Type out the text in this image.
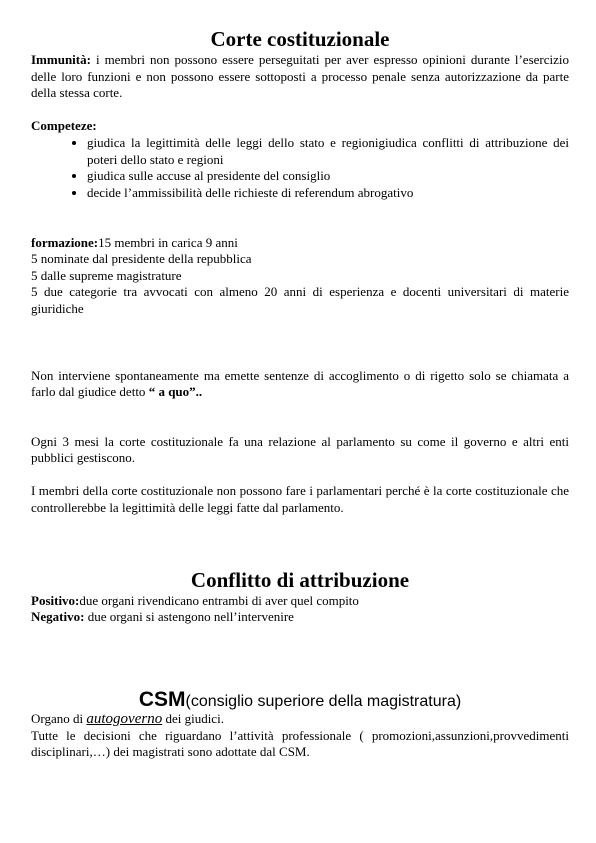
Corte costituzionale

Immunità: i membri non possono essere perseguitati per aver espresso opinioni durante l’esercizio delle loro funzioni e non possono essere sottoposti a processo penale senza autorizzazione da parte della stessa corte.

Competeze:

• giudica la legittimità delle leggi dello stato e regionigiudica conflitti di attribuzione dei poteri dello stato e regioni
• giudica sulle accuse al presidente del consiglio
• decide l’ammissibilità delle richieste di referendum abrogativo

formazione:15 membri in carica 9 anni

5 nominate dal presidente della repubblica

5 dalle supreme magistrature

5 due categorie tra avvocati con almeno 20 anni di esperienza e docenti universitari di materie giuridiche

Non interviene spontaneamente ma emette sentenze di accoglimento o di rigetto solo se chiamata a farlo dal giudice detto “ a quo”..

Ogni 3 mesi la corte costituzionale fa una relazione al parlamento su come il governo e altri enti pubblici gestiscono.

I membri della corte costituzionale non possono fare i parlamentari perché è la corte costituzionale che controllerebbe la legittimità delle leggi fatte dal parlamento.

Conflitto di attribuzione

Positivo:due organi rivendicano entrambi di aver quel compito

Negativo: due organi si astengono nell’intervenire

CSM(consiglio superiore della magistratura)

Organo di autogoverno dei giudici.

Tutte le decisioni che riguardano l’attività professionale ( promozioni,assunzioni,provvedimenti disciplinari,…) dei magistrati sono adottate dal CSM.
